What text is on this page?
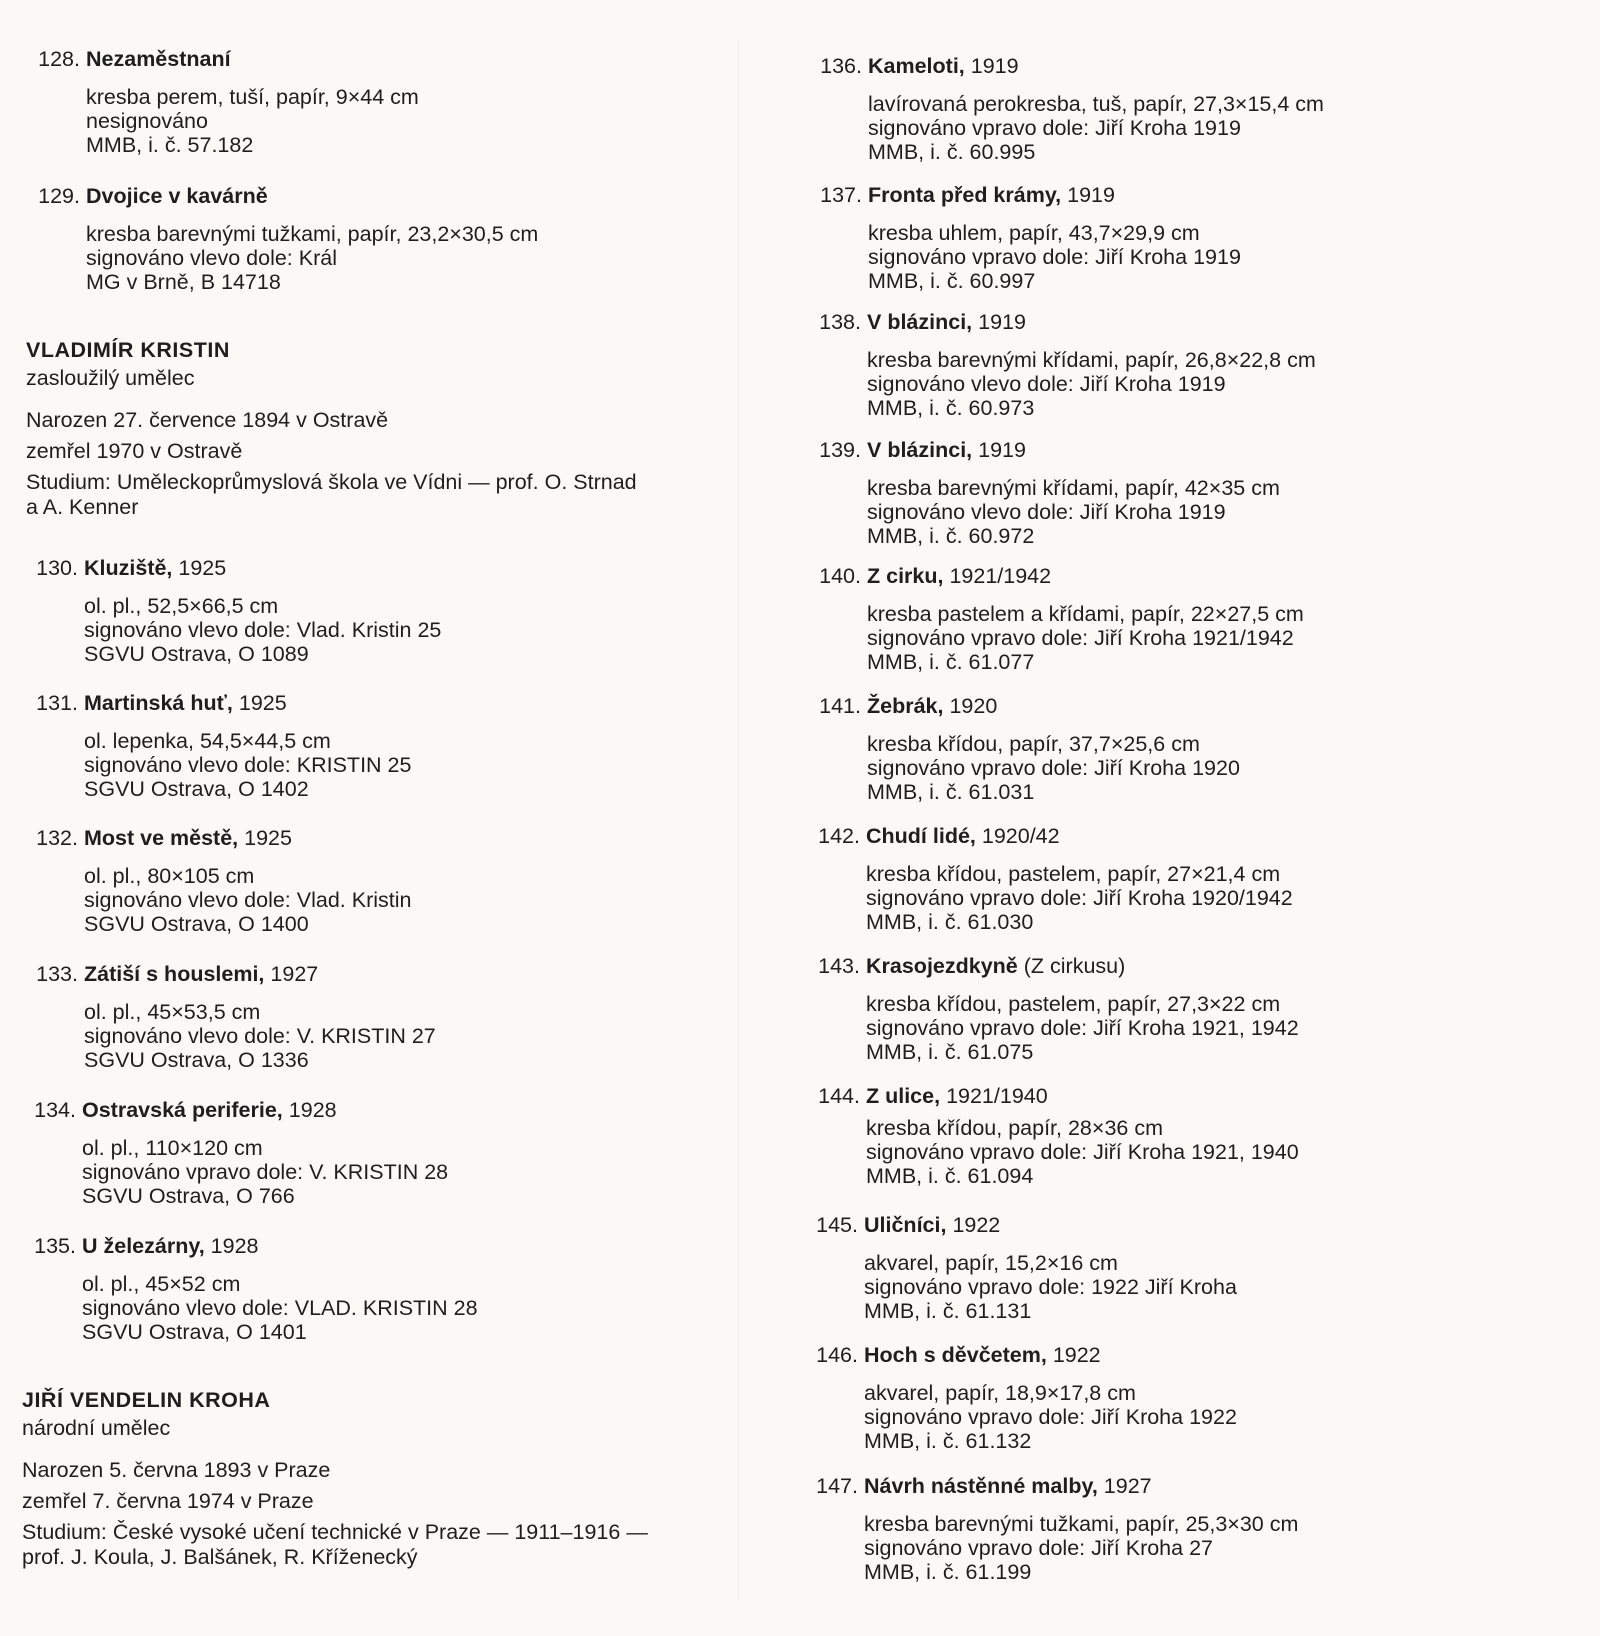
128. Nezaměstnaní
kresba perem, tuší, papír, 9×44 cm
nesignováno
MMB, i. č. 57.182
129. Dvojice v kavárně
kresba barevnými tužkami, papír, 23,2×30,5 cm
signováno vlevo dole: Král
MG v Brně, B 14718
VLADIMÍR KRISTIN
zasloužilý umělec
Narozen 27. července 1894 v Ostravě
zemřel 1970 v Ostravě
Studium: Uměleckoprůmyslová škola ve Vídni — prof. O. Strnad
a A. Kenner
130. Kluziště, 1925
ol. pl., 52,5×66,5 cm
signováno vlevo dole: Vlad. Kristin 25
SGVU Ostrava, O 1089
131. Martinská huť, 1925
ol. lepenka, 54,5×44,5 cm
signováno vlevo dole: KRISTIN 25
SGVU Ostrava, O 1402
132. Most ve městě, 1925
ol. pl., 80×105 cm
signováno vlevo dole: Vlad. Kristin
SGVU Ostrava, O 1400
133. Zátiší s houslemi, 1927
ol. pl., 45×53,5 cm
signováno vlevo dole: V. KRISTIN 27
SGVU Ostrava, O 1336
134. Ostravská periferie, 1928
ol. pl., 110×120 cm
signováno vpravo dole: V. KRISTIN 28
SGVU Ostrava, O 766
135. U železárny, 1928
ol. pl., 45×52 cm
signováno vlevo dole: VLAD. KRISTIN 28
SGVU Ostrava, O 1401
JIŘÍ VENDELIN KROHA
národní umělec
Narozen 5. června 1893 v Praze
zemřel 7. června 1974 v Praze
Studium: České vysoké učení technické v Praze — 1911–1916 —
prof. J. Koula, J. Balšánek, R. Kříženecký
136. Kameloti, 1919
lavírovaná perokresba, tuš, papír, 27,3×15,4 cm
signováno vpravo dole: Jiří Kroha 1919
MMB, i. č. 60.995
137. Fronta před krámy, 1919
kresba uhlem, papír, 43,7×29,9 cm
signováno vpravo dole: Jiří Kroha 1919
MMB, i. č. 60.997
138. V blázinci, 1919
kresba barevnými křídami, papír, 26,8×22,8 cm
signováno vlevo dole: Jiří Kroha 1919
MMB, i. č. 60.973
139. V blázinci, 1919
kresba barevnými křídami, papír, 42×35 cm
signováno vlevo dole: Jiří Kroha 1919
MMB, i. č. 60.972
140. Z cirku, 1921/1942
kresba pastelem a křídami, papír, 22×27,5 cm
signováno vpravo dole: Jiří Kroha 1921/1942
MMB, i. č. 61.077
141. Žebrák, 1920
kresba křídou, papír, 37,7×25,6 cm
signováno vpravo dole: Jiří Kroha 1920
MMB, i. č. 61.031
142. Chudí lidé, 1920/42
kresba křídou, pastelem, papír, 27×21,4 cm
signováno vpravo dole: Jiří Kroha 1920/1942
MMB, i. č. 61.030
143. Krasojezdkyně (Z cirkusu)
kresba křídou, pastelem, papír, 27,3×22 cm
signováno vpravo dole: Jiří Kroha 1921, 1942
MMB, i. č. 61.075
144. Z ulice, 1921/1940
kresba křídou, papír, 28×36 cm
signováno vpravo dole: Jiří Kroha 1921, 1940
MMB, i. č. 61.094
145. Uličníci, 1922
akvarel, papír, 15,2×16 cm
signováno vpravo dole: 1922 Jiří Kroha
MMB, i. č. 61.131
146. Hoch s děvčetem, 1922
akvarel, papír, 18,9×17,8 cm
signováno vpravo dole: Jiří Kroha 1922
MMB, i. č. 61.132
147. Návrh nástěnné malby, 1927
kresba barevnými tužkami, papír, 25,3×30 cm
signováno vpravo dole: Jiří Kroha 27
MMB, i. č. 61.199
